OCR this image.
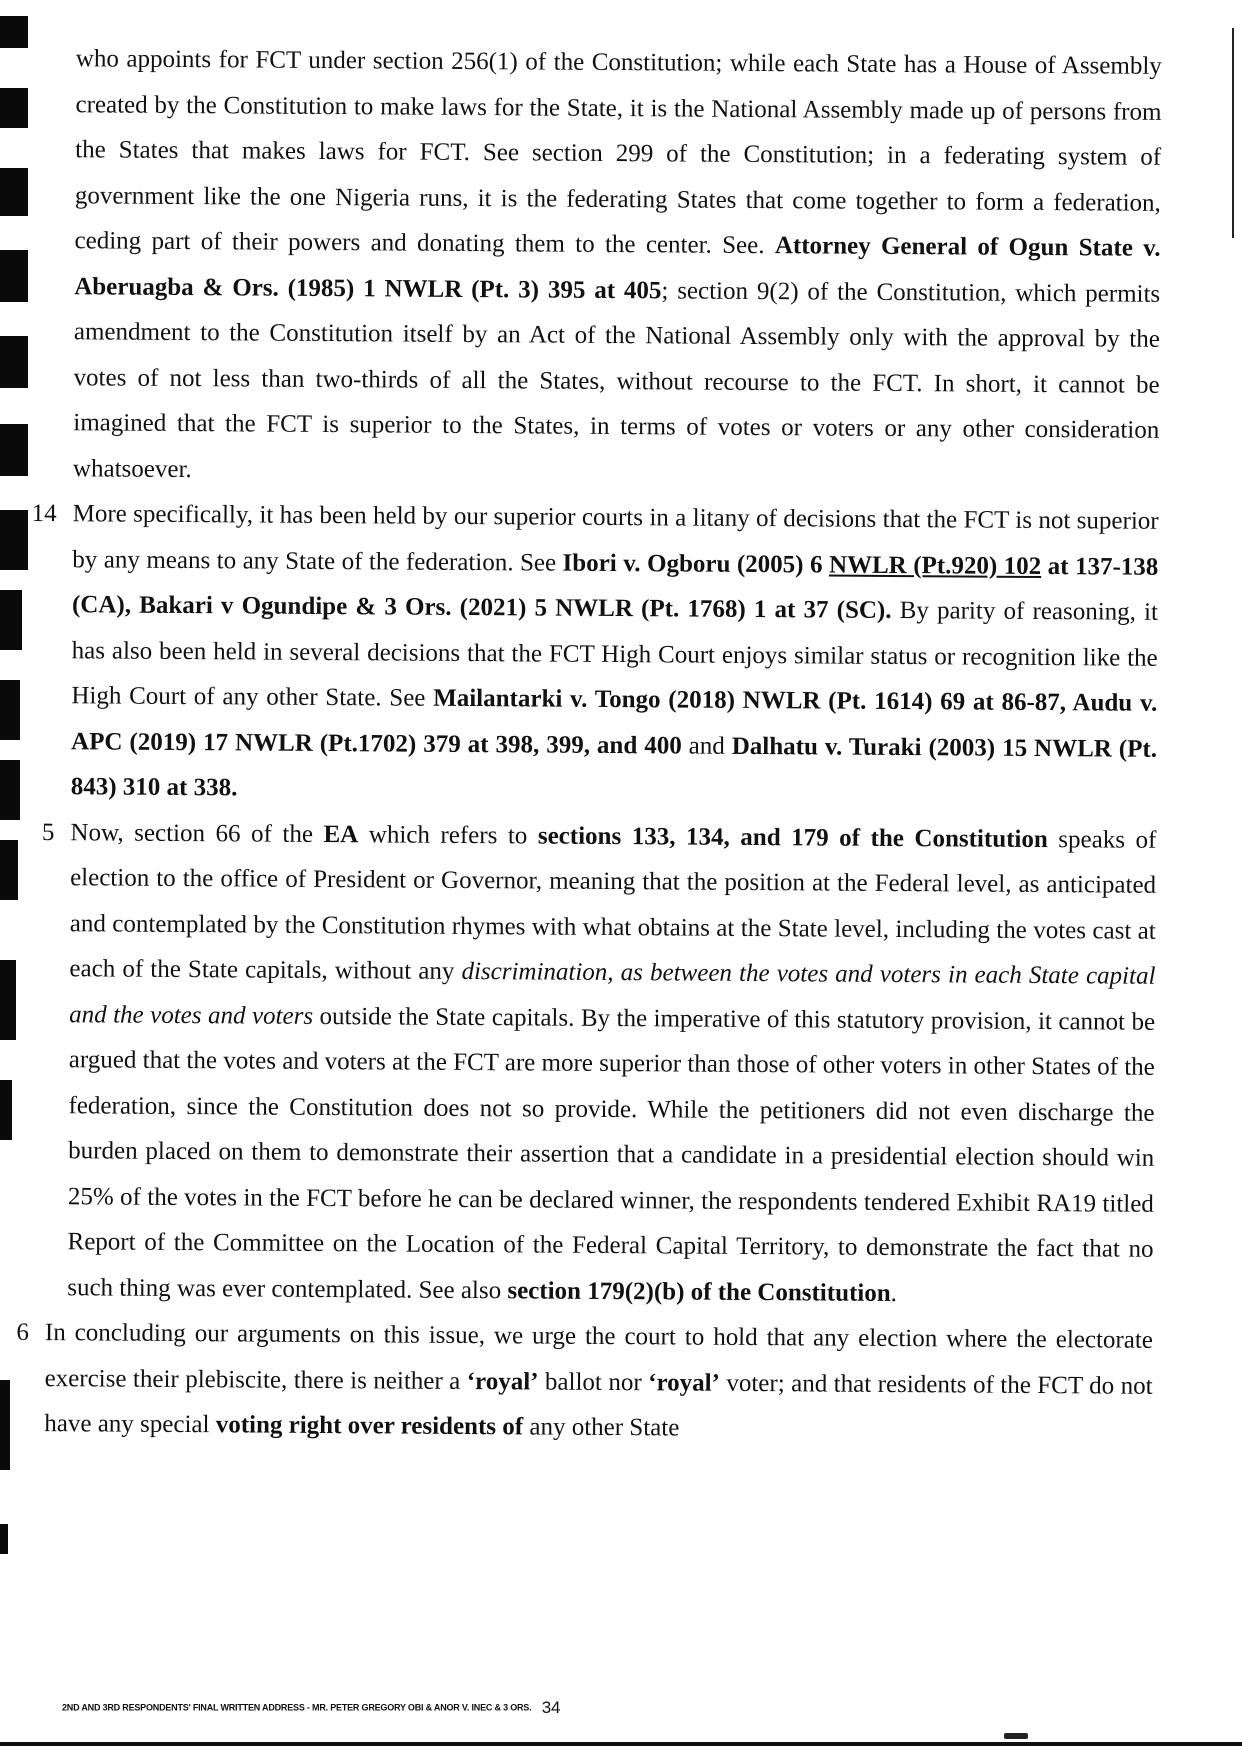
who appoints for FCT under section 256(1) of the Constitution; while each State has a House of Assembly created by the Constitution to make laws for the State, it is the National Assembly made up of persons from the States that makes laws for FCT. See section 299 of the Constitution; in a federating system of government like the one Nigeria runs, it is the federating States that come together to form a federation, ceding part of their powers and donating them to the center. See. Attorney General of Ogun State v. Aberuagba & Ors. (1985) 1 NWLR (Pt. 3) 395 at 405; section 9(2) of the Constitution, which permits amendment to the Constitution itself by an Act of the National Assembly only with the approval by the votes of not less than two-thirds of all the States, without recourse to the FCT. In short, it cannot be imagined that the FCT is superior to the States, in terms of votes or voters or any other consideration whatsoever.

14 More specifically, it has been held by our superior courts in a litany of decisions that the FCT is not superior by any means to any State of the federation. See Ibori v. Ogboru (2005) 6 NWLR (Pt.920) 102 at 137-138 (CA), Bakari v Ogundipe & 3 Ors. (2021) 5 NWLR (Pt. 1768) 1 at 37 (SC). By parity of reasoning, it has also been held in several decisions that the FCT High Court enjoys similar status or recognition like the High Court of any other State. See Mailantarki v. Tongo (2018) NWLR (Pt. 1614) 69 at 86-87, Audu v. APC (2019) 17 NWLR (Pt.1702) 379 at 398, 399, and 400 and Dalhatu v. Turaki (2003) 15 NWLR (Pt. 843) 310 at 338.

5 Now, section 66 of the EA which refers to sections 133, 134, and 179 of the Constitution speaks of election to the office of President or Governor, meaning that the position at the Federal level, as anticipated and contemplated by the Constitution rhymes with what obtains at the State level, including the votes cast at each of the State capitals, without any discrimination, as between the votes and voters in each State capital and the votes and voters outside the State capitals. By the imperative of this statutory provision, it cannot be argued that the votes and voters at the FCT are more superior than those of other voters in other States of the federation, since the Constitution does not so provide. While the petitioners did not even discharge the burden placed on them to demonstrate their assertion that a candidate in a presidential election should win 25% of the votes in the FCT before he can be declared winner, the respondents tendered Exhibit RA19 titled Report of the Committee on the Location of the Federal Capital Territory, to demonstrate the fact that no such thing was ever contemplated. See also section 179(2)(b) of the Constitution.

6 In concluding our arguments on this issue, we urge the court to hold that any election where the electorate exercise their plebiscite, there is neither a ‘royal’ ballot nor ‘royal’ voter; and that residents of the FCT do not have any special voting right over residents of any other State

2ND AND 3RD RESPONDENTS' FINAL WRITTEN ADDRESS - MR. PETER GREGORY OBI & ANOR V. INEC & 3 ORS. 34
